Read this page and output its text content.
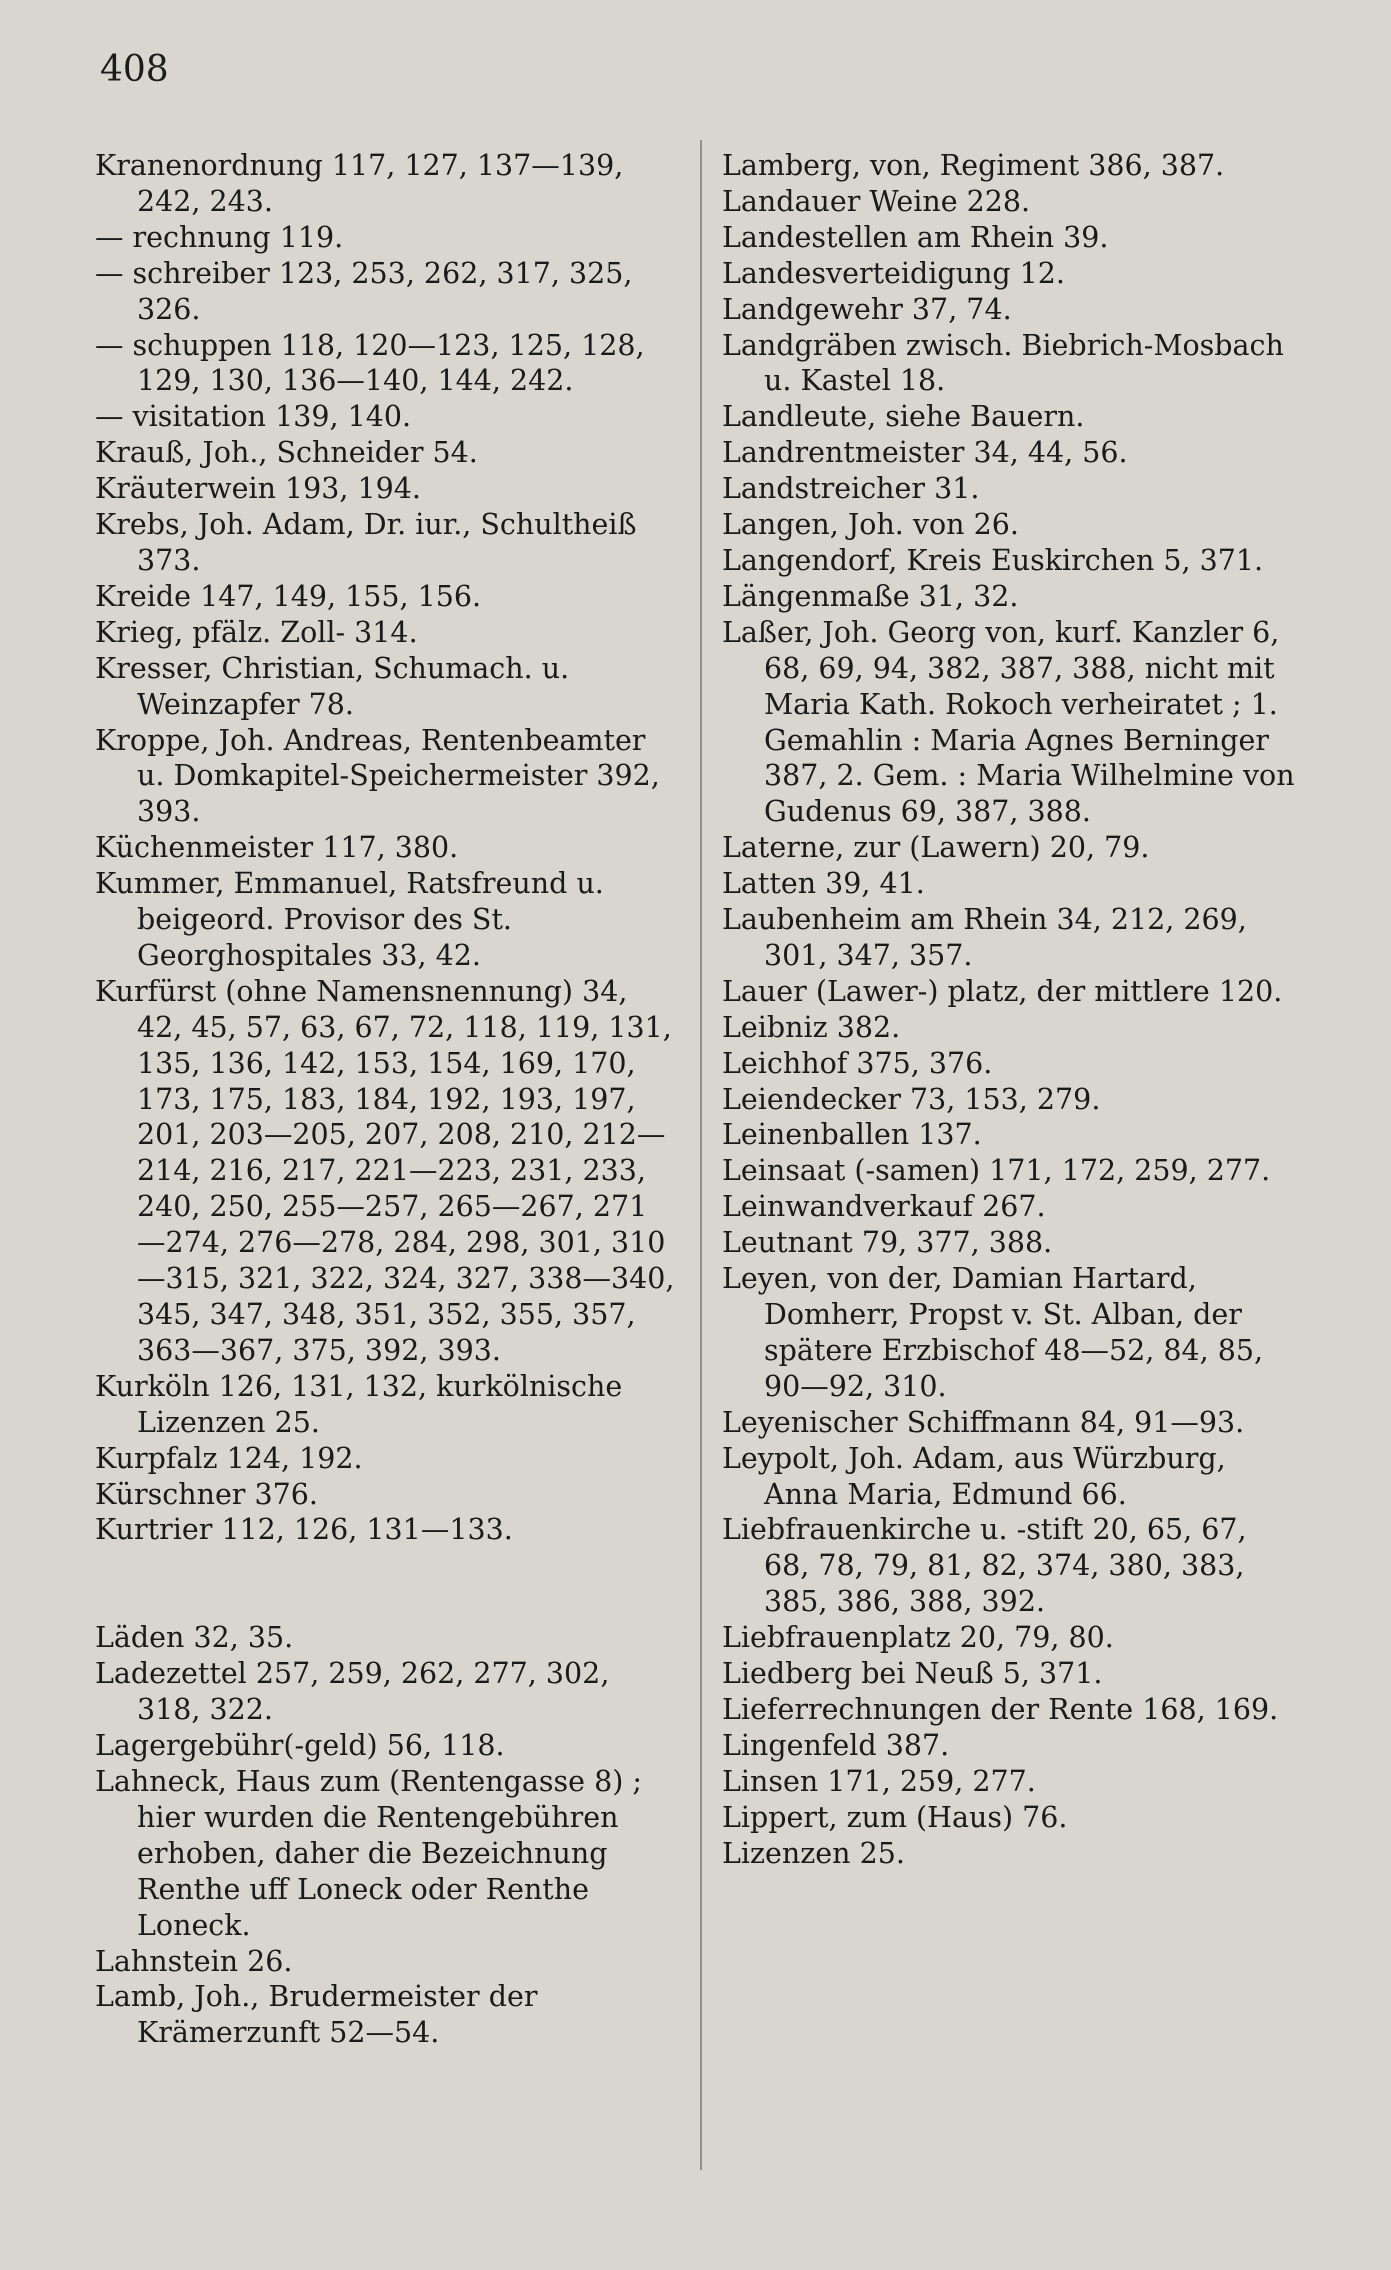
408

Kranenordnung 117, 127, 137—139, 242, 243.

— rechnung 119.

— schreiber 123, 253, 262, 317, 325, 326.

— schuppen 118, 120—123, 125, 128, 129, 130, 136—140, 144, 242.

— visitation 139, 140.

Krauß, Joh., Schneider 54.

Kräuterwein 193, 194.

Krebs, Joh. Adam, Dr. iur., Schultheiß 373.

Kreide 147, 149, 155, 156.

Krieg, pfälz. Zoll- 314.

Kresser, Christian, Schumach. u. Weinzapfer 78.

Kroppe, Joh. Andreas, Rentenbeamter u. Domkapitel-Speichermeister 392, 393.

Küchenmeister 117, 380.

Kummer, Emmanuel, Ratsfreund u. beigeord. Provisor des St. Georghospitales 33, 42.

Kurfürst (ohne Namensnennung) 34, 42, 45, 57, 63, 67, 72, 118, 119, 131, 135, 136, 142, 153, 154, 169, 170, 173, 175, 183, 184, 192, 193, 197, 201, 203—205, 207, 208, 210, 212—214, 216, 217, 221—223, 231, 233, 240, 250, 255—257, 265—267, 271—274, 276—278, 284, 298, 301, 310—315, 321, 322, 324, 327, 338—340, 345, 347, 348, 351, 352, 355, 357, 363—367, 375, 392, 393.

Kurköln 126, 131, 132, kurkölnische Lizenzen 25.

Kurpfalz 124, 192.

Kürschner 376.

Kurtrier 112, 126, 131—133.

Läden 32, 35.

Ladezettel 257, 259, 262, 277, 302, 318, 322.

Lagergebühr(-geld) 56, 118.

Lahneck, Haus zum (Rentengasse 8) ; hier wurden die Rentengebühren erhoben, daher die Bezeichnung Renthe uff Loneck oder Renthe Loneck.

Lahnstein 26.

Lamb, Joh., Brudermeister der Krämerzunft 52—54.

Lamberg, von, Regiment 386, 387.

Landauer Weine 228.

Landestellen am Rhein 39.

Landesverteidigung 12.

Landgewehr 37, 74.

Landgräben zwisch. Biebrich-Mosbach u. Kastel 18.

Landleute, siehe Bauern.

Landrentmeister 34, 44, 56.

Landstreicher 31.

Langen, Joh. von 26.

Langendorf, Kreis Euskirchen 5, 371.

Längenmaße 31, 32.

Laßer, Joh. Georg von, kurf. Kanzler 6, 68, 69, 94, 382, 387, 388, nicht mit Maria Kath. Rokoch verheiratet ; 1. Gemahlin : Maria Agnes Berninger 387, 2. Gem. : Maria Wilhelmine von Gudenus 69, 387, 388.

Laterne, zur (Lawern) 20, 79.

Latten 39, 41.

Laubenheim am Rhein 34, 212, 269, 301, 347, 357.

Lauer (Lawer-) platz, der mittlere 120.

Leibniz 382.

Leichhof 375, 376.

Leiendecker 73, 153, 279.

Leinenballen 137.

Leinsaat (-samen) 171, 172, 259, 277.

Leinwandverkauf 267.

Leutnant 79, 377, 388.

Leyen, von der, Damian Hartard, Domherr, Propst v. St. Alban, der spätere Erzbischof 48—52, 84, 85, 90—92, 310.

Leyenischer Schiffmann 84, 91—93.

Leypolt, Joh. Adam, aus Würzburg, Anna Maria, Edmund 66.

Liebfrauenkirche u. -stift 20, 65, 67, 68, 78, 79, 81, 82, 374, 380, 383, 385, 386, 388, 392.

Liebfrauenplatz 20, 79, 80.

Liedberg bei Neuß 5, 371.

Lieferrechnungen der Rente 168, 169.

Lingenfeld 387.

Linsen 171, 259, 277.

Lippert, zum (Haus) 76.

Lizenzen 25.
